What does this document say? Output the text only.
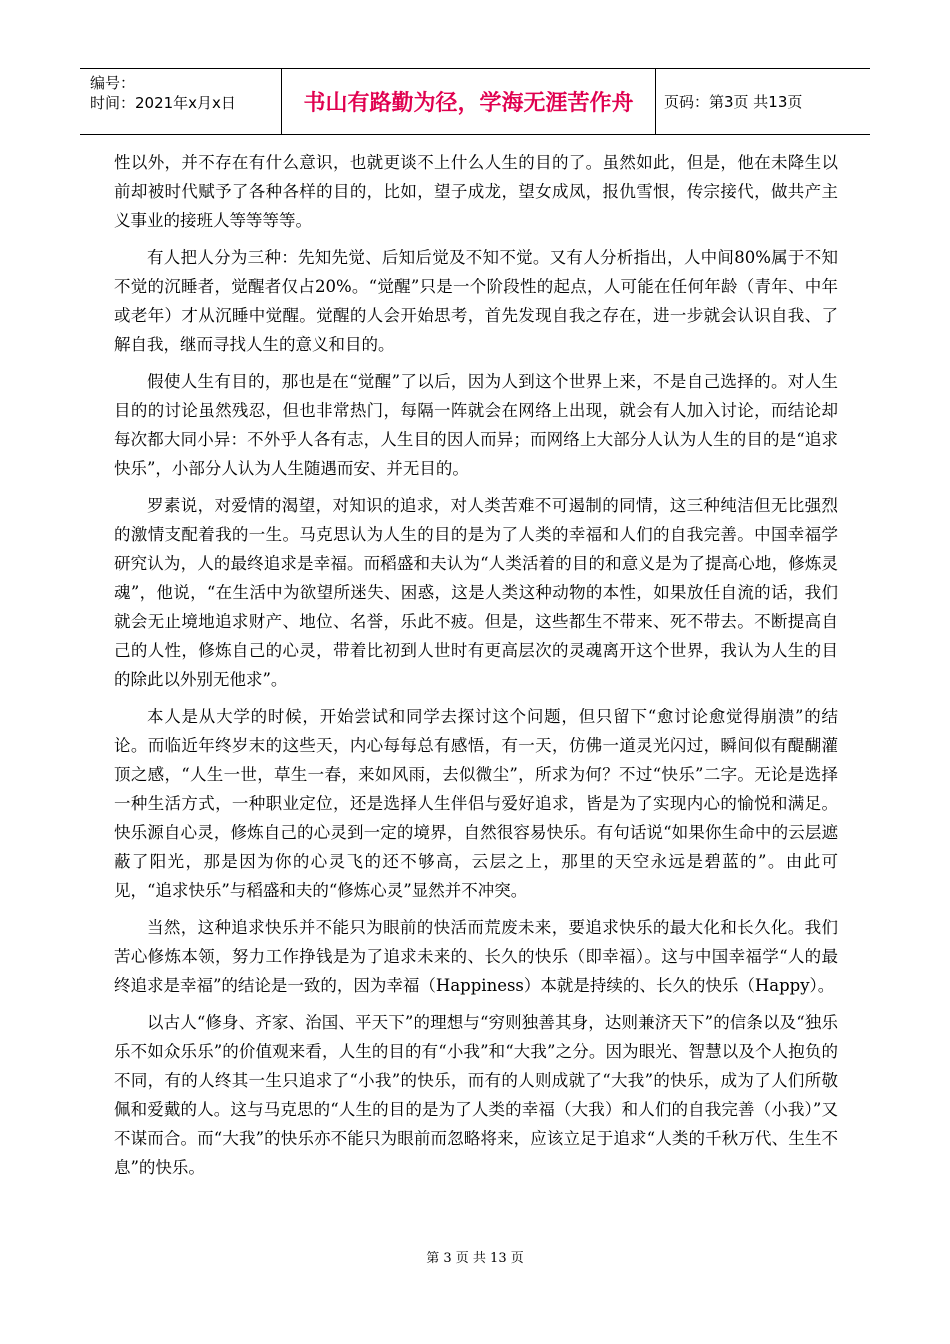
编号：
时间：2021年x月x日	书山有路勤为径，学海无涯苦作舟	页码：第3页 共13页

性以外，并不存在有什么意识，也就更谈不上什么人生的目的了。虽然如此，但是，他在未降生以前却被时代赋予了各种各样的目的，比如，望子成龙，望女成凤，报仇雪恨，传宗接代，做共产主义事业的接班人等等等等。

有人把人分为三种：先知先觉、后知后觉及不知不觉。又有人分析指出，人中间80%属于不知不觉的沉睡者，觉醒者仅占20%。“觉醒”只是一个阶段性的起点，人可能在任何年龄（青年、中年或老年）才从沉睡中觉醒。觉醒的人会开始思考，首先发现自我之存在，进一步就会认识自我、了解自我，继而寻找人生的意义和目的。

假使人生有目的，那也是在“觉醒”了以后，因为人到这个世界上来，不是自己选择的。对人生目的的讨论虽然残忍，但也非常热门，每隔一阵就会在网络上出现，就会有人加入讨论，而结论却每次都大同小异：不外乎人各有志，人生目的因人而异；而网络上大部分人认为人生的目的是“追求快乐”，小部分人认为人生随遇而安、并无目的。

罗素说，对爱情的渴望，对知识的追求，对人类苦难不可遏制的同情，这三种纯洁但无比强烈的激情支配着我的一生。马克思认为人生的目的是为了人类的幸福和人们的自我完善。中国幸福学研究认为，人的最终追求是幸福。而稻盛和夫认为“人类活着的目的和意义是为了提高心地，修炼灵魂”，他说，“在生活中为欲望所迷失、困惑，这是人类这种动物的本性，如果放任自流的话，我们就会无止境地追求财产、地位、名誉，乐此不疲。但是，这些都生不带来、死不带去。不断提高自己的人性，修炼自己的心灵，带着比初到人世时有更高层次的灵魂离开这个世界，我认为人生的目的除此以外别无他求”。

本人是从大学的时候，开始尝试和同学去探讨这个问题，但只留下“愈讨论愈觉得崩溃”的结论。而临近年终岁末的这些天，内心每每总有感悟，有一天，仿佛一道灵光闪过，瞬间似有醍醐灌顶之感，“人生一世，草生一春，来如风雨，去似微尘”，所求为何？不过“快乐”二字。无论是选择一种生活方式，一种职业定位，还是选择人生伴侣与爱好追求，皆是为了实现内心的愉悦和满足。快乐源自心灵，修炼自己的心灵到一定的境界，自然很容易快乐。有句话说“如果你生命中的云层遮蔽了阳光，那是因为你的心灵飞的还不够高，云层之上，那里的天空永远是碧蓝的”。由此可见，“追求快乐”与稻盛和夫的“修炼心灵”显然并不冲突。

当然，这种追求快乐并不能只为眼前的快活而荒废未来，要追求快乐的最大化和长久化。我们苦心修炼本领，努力工作挣钱是为了追求未来的、长久的快乐（即幸福）。这与中国幸福学“人的最终追求是幸福”的结论是一致的，因为幸福（Happiness）本就是持续的、长久的快乐（Happy）。

以古人“修身、齐家、治国、平天下”的理想与“穷则独善其身，达则兼济天下”的信条以及“独乐乐不如众乐乐”的价值观来看，人生的目的有“小我”和“大我”之分。因为眼光、智慧以及个人抱负的不同，有的人终其一生只追求了“小我”的快乐，而有的人则成就了“大我”的快乐，成为了人们所敬佩和爱戴的人。这与马克思的“人生的目的是为了人类的幸福（大我）和人们的自我完善（小我）”又不谋而合。而“大我”的快乐亦不能只为眼前而忽略将来，应该立足于追求“人类的千秋万代、生生不息”的快乐。

第 3 页 共 13 页
